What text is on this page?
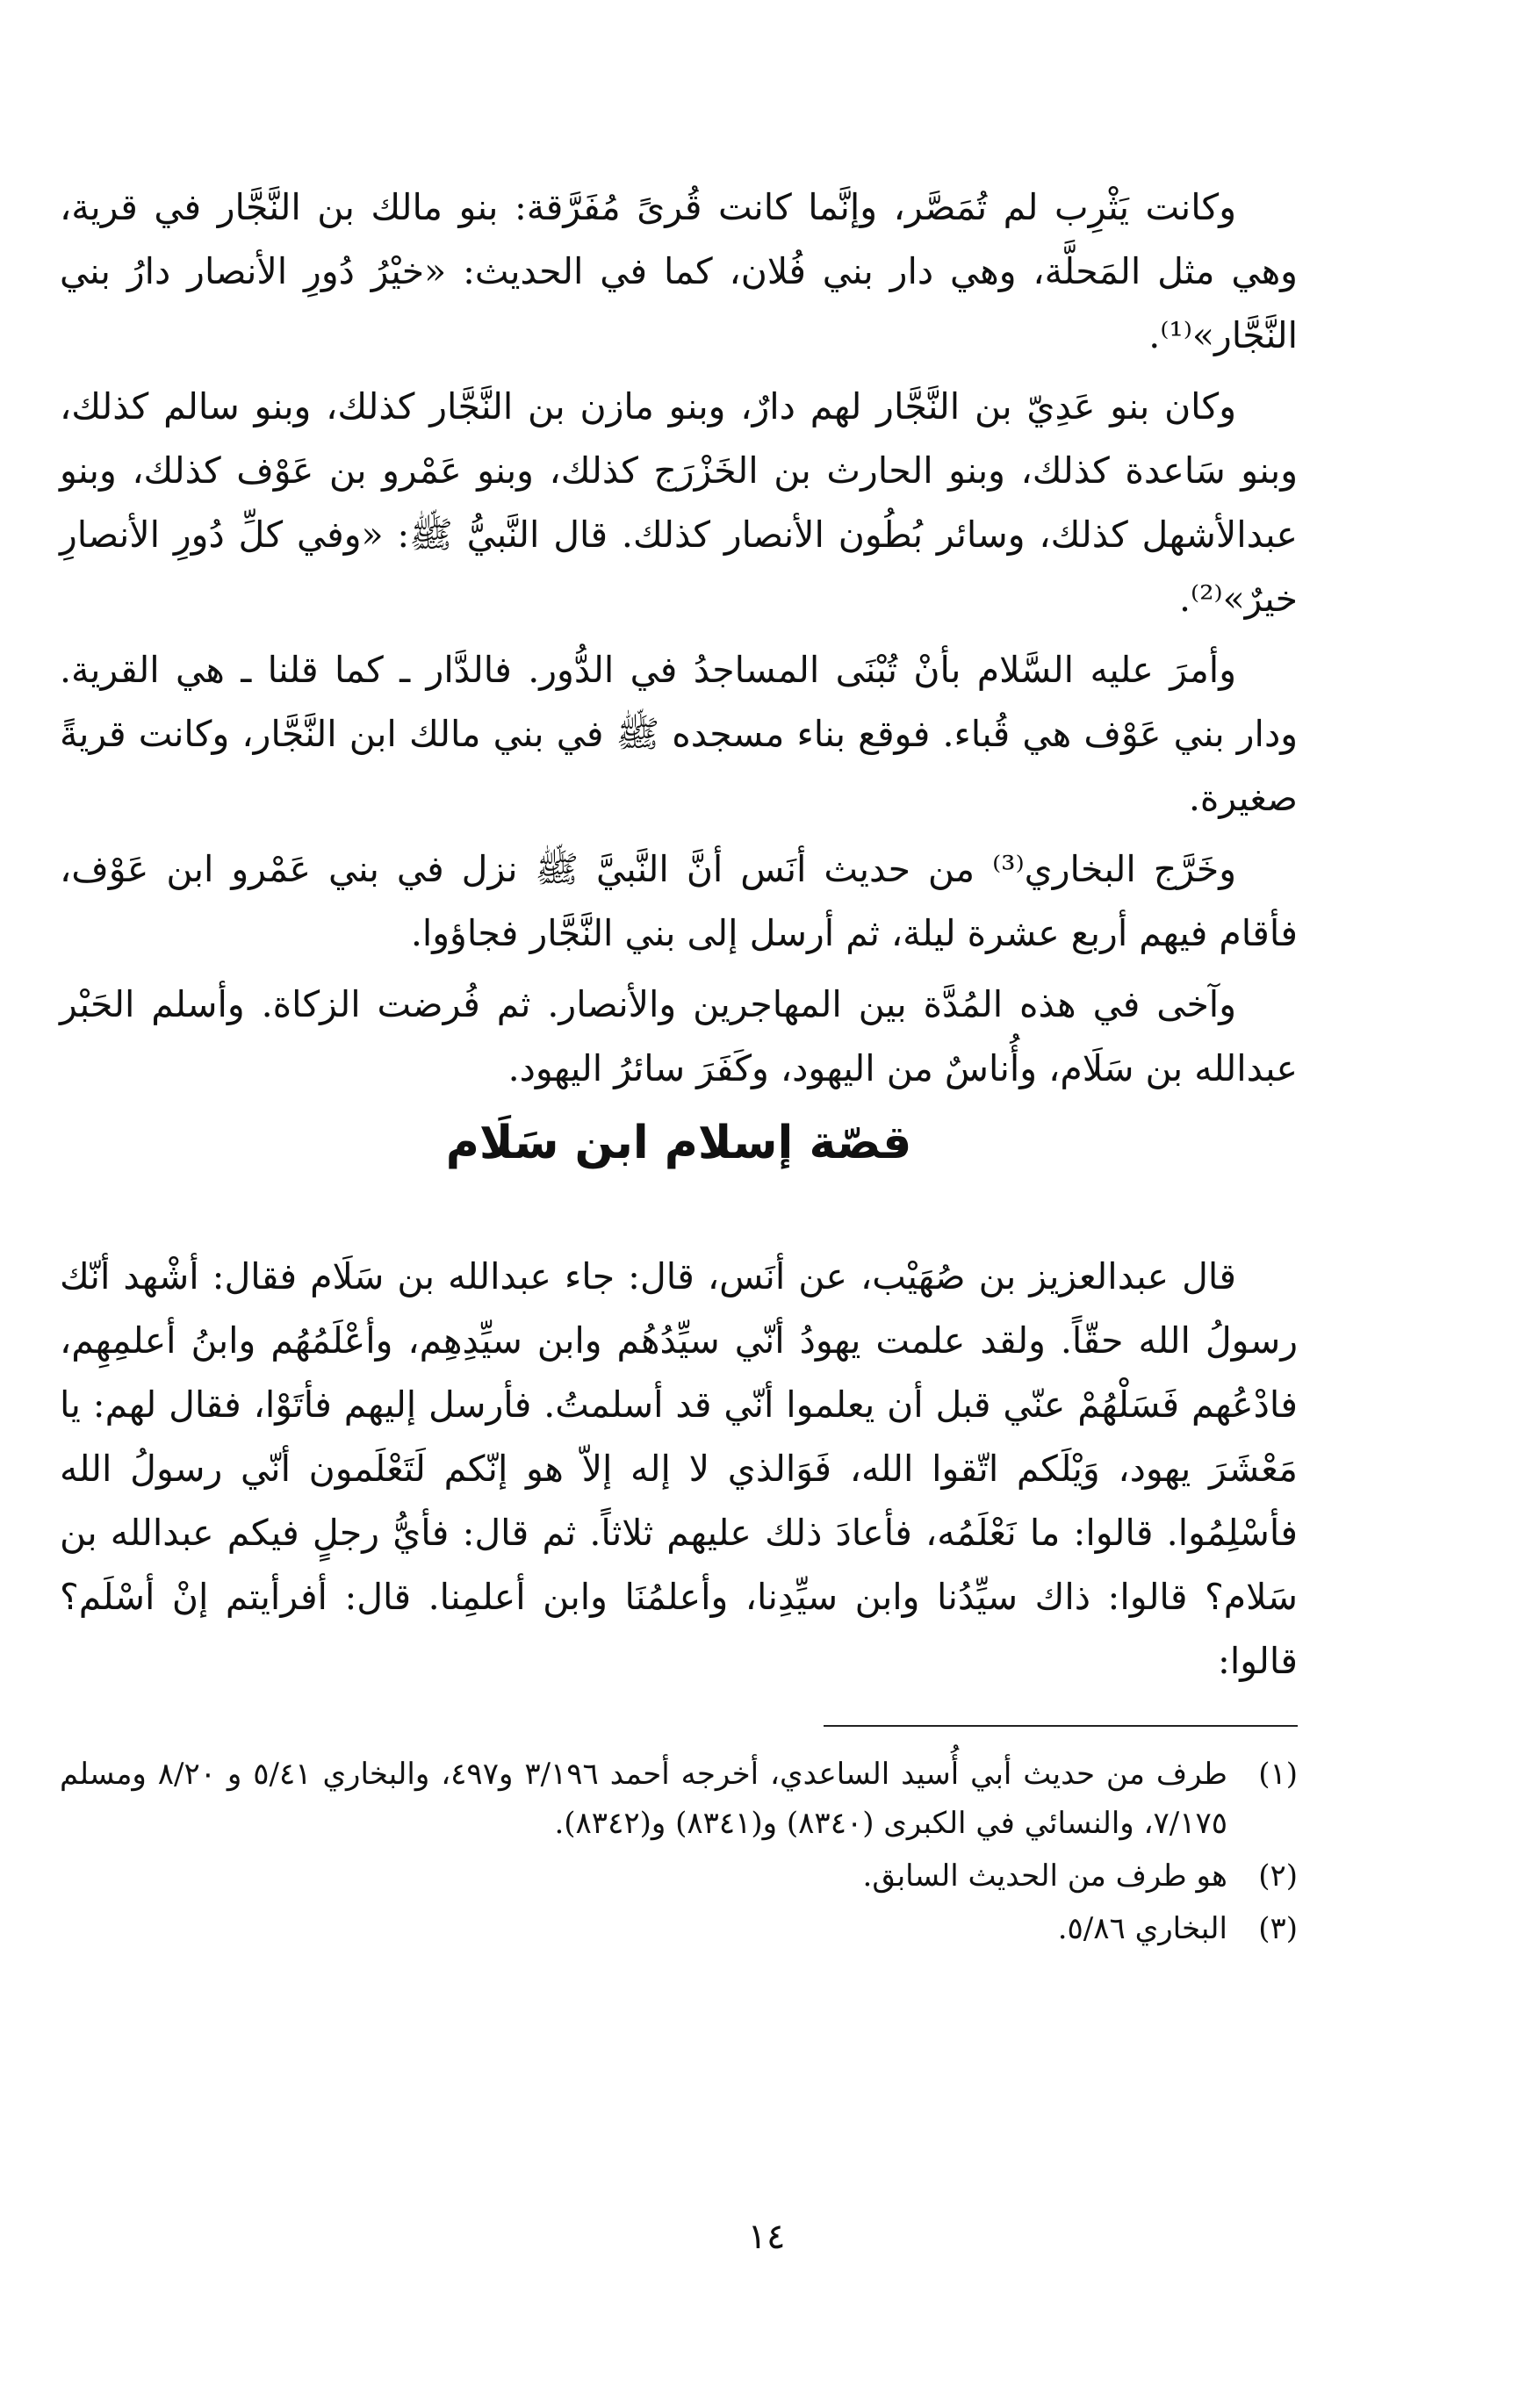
وكانت يَثْرِب لم تُمَصَّر، وإنَّما كانت قُرىً مُفَرَّقة: بنو مالك بن النَّجَّار في قرية، وهي مثل المَحلَّة، وهي دار بني فُلان، كما في الحديث: «خيْرُ دُورِ الأنصار دارُ بني النَّجَّار»⁽¹⁾.

وكان بنو عَدِيّ بن النَّجَّار لهم دارٌ، وبنو مازن بن النَّجَّار كذلك، وبنو سالم كذلك، وبنو سَاعدة كذلك، وبنو الحارث بن الخَزْرَج كذلك، وبنو عَمْرو بن عَوْف كذلك، وبنو عبدالأشهل كذلك، وسائر بُطُون الأنصار كذلك. قال النَّبيُّ ﷺ: «وفي كلِّ دُورِ الأنصارِ خيرٌ»⁽²⁾.

وأمرَ عليه السَّلام بأنْ تُبْنَى المساجدُ في الدُّور. فالدَّار ـ كما قلنا ـ هي القرية. ودار بني عَوْف هي قُباء. فوقع بناء مسجده ﷺ في بني مالك ابن النَّجَّار، وكانت قريةً صغيرة.

وخَرَّج البخاري⁽³⁾ من حديث أنَس أنَّ النَّبيَّ ﷺ نزل في بني عَمْرو ابن عَوْف، فأقام فيهم أربع عشرة ليلة، ثم أرسل إلى بني النَّجَّار فجاؤوا.

وآخى في هذه المُدَّة بين المهاجرين والأنصار. ثم فُرضت الزكاة. وأسلم الحَبْر عبدالله بن سَلَام، وأُناسٌ من اليهود، وكَفَرَ سائرُ اليهود.

قصّة إسلام ابن سَلَام

قال عبدالعزيز بن صُهَيْب، عن أنَس، قال: جاء عبدالله بن سَلَام فقال: أشْهد أنّك رسولُ الله حقّاً. ولقد علمت يهودُ أنّي سيِّدُهُم وابن سيِّدِهِم، وأعْلَمُهُم وابنُ أعلمِهِم، فادْعُهم فَسَلْهُمْ عنّي قبل أن يعلموا أنّي قد أسلمتُ. فأرسل إليهم فأتَوْا، فقال لهم: يا مَعْشَرَ يهود، وَيْلَكم اتّقوا الله، فَوَالذي لا إله إلاّ هو إنّكم لَتَعْلَمون أنّي رسولُ الله فأسْلِمُوا. قالوا: ما نَعْلَمُه، فأعادَ ذلك عليهم ثلاثاً. ثم قال: فأيُّ رجلٍ فيكم عبدالله بن سَلام؟ قالوا: ذاك سيِّدُنا وابن سيِّدِنا، وأعلمُنَا وابن أعلمِنا. قال: أفرأيتم إنْ أسْلَم؟ قالوا:

(١)
طرف من حديث أبي أُسيد الساعدي، أخرجه أحمد ٣/١٩٦ و٤٩٧، والبخاري ٥/٤١ و ٨/٢٠ ومسلم ٧/١٧٥، والنسائي في الكبرى (٨٣٤٠) و(٨٣٤١) و(٨٣٤٢).
(٢)
هو طرف من الحديث السابق.
(٣)
البخاري ٥/٨٦.
١٤
